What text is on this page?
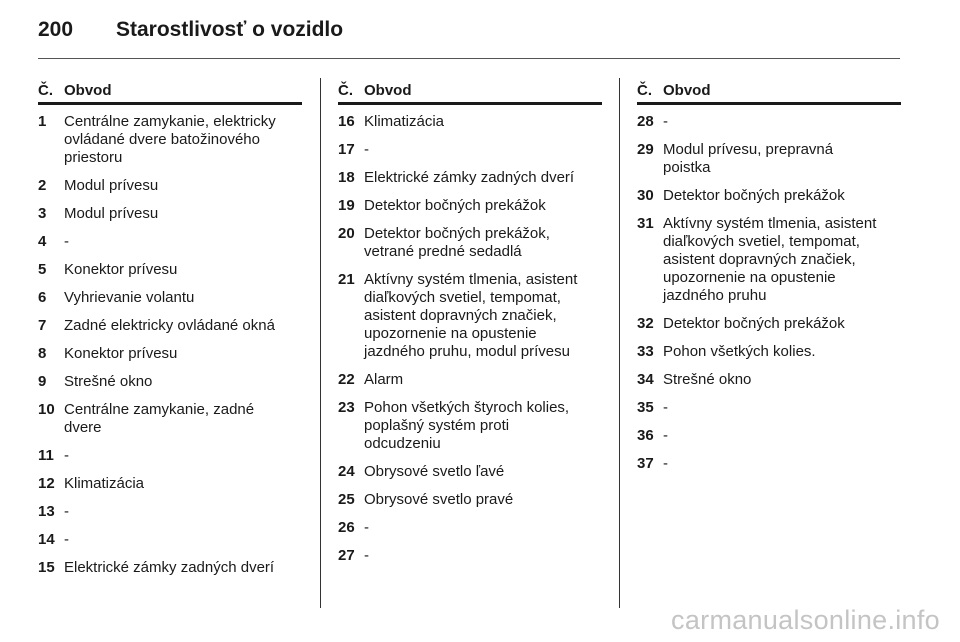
200	Starostlivosť o vozidlo
Č. Obvod
1	Centrálne zamykanie, elektricky
ovládané dvere batožinového
priestoru
2	Modul prívesu
3	Modul prívesu
4	-
5	Konektor prívesu
6	Vyhrievanie volantu
7	Zadné elektricky ovládané okná
8	Konektor prívesu
9	Strešné okno
10 Centrálne zamykanie, zadné
dvere
11 -
12 Klimatizácia
13 -
14 -
15 Elektrické zámky zadných dverí
Č. Obvod
16 Klimatizácia
17 -
18 Elektrické zámky zadných dverí
19 Detektor bočných prekážok
20 Detektor bočných prekážok,
vetrané predné sedadlá
21 Aktívny systém tlmenia, asistent
diaľkových svetiel, tempomat,
asistent dopravných značiek,
upozornenie na opustenie
jazdného pruhu, modul prívesu
22 Alarm
23 Pohon všetkých štyroch kolies,
poplašný systém proti
odcudzeniu
24 Obrysové svetlo ľavé
25 Obrysové svetlo pravé
26 -
27 -
Č. Obvod
28 -
29 Modul prívesu, prepravná
poistka
30 Detektor bočných prekážok
31 Aktívny systém tlmenia, asistent
diaľkových svetiel, tempomat,
asistent dopravných značiek,
upozornenie na opustenie
jazdného pruhu
32 Detektor bočných prekážok
33 Pohon všetkých kolies.
34 Strešné okno
35 -
36 -
37 -
carmanualsonline.info
